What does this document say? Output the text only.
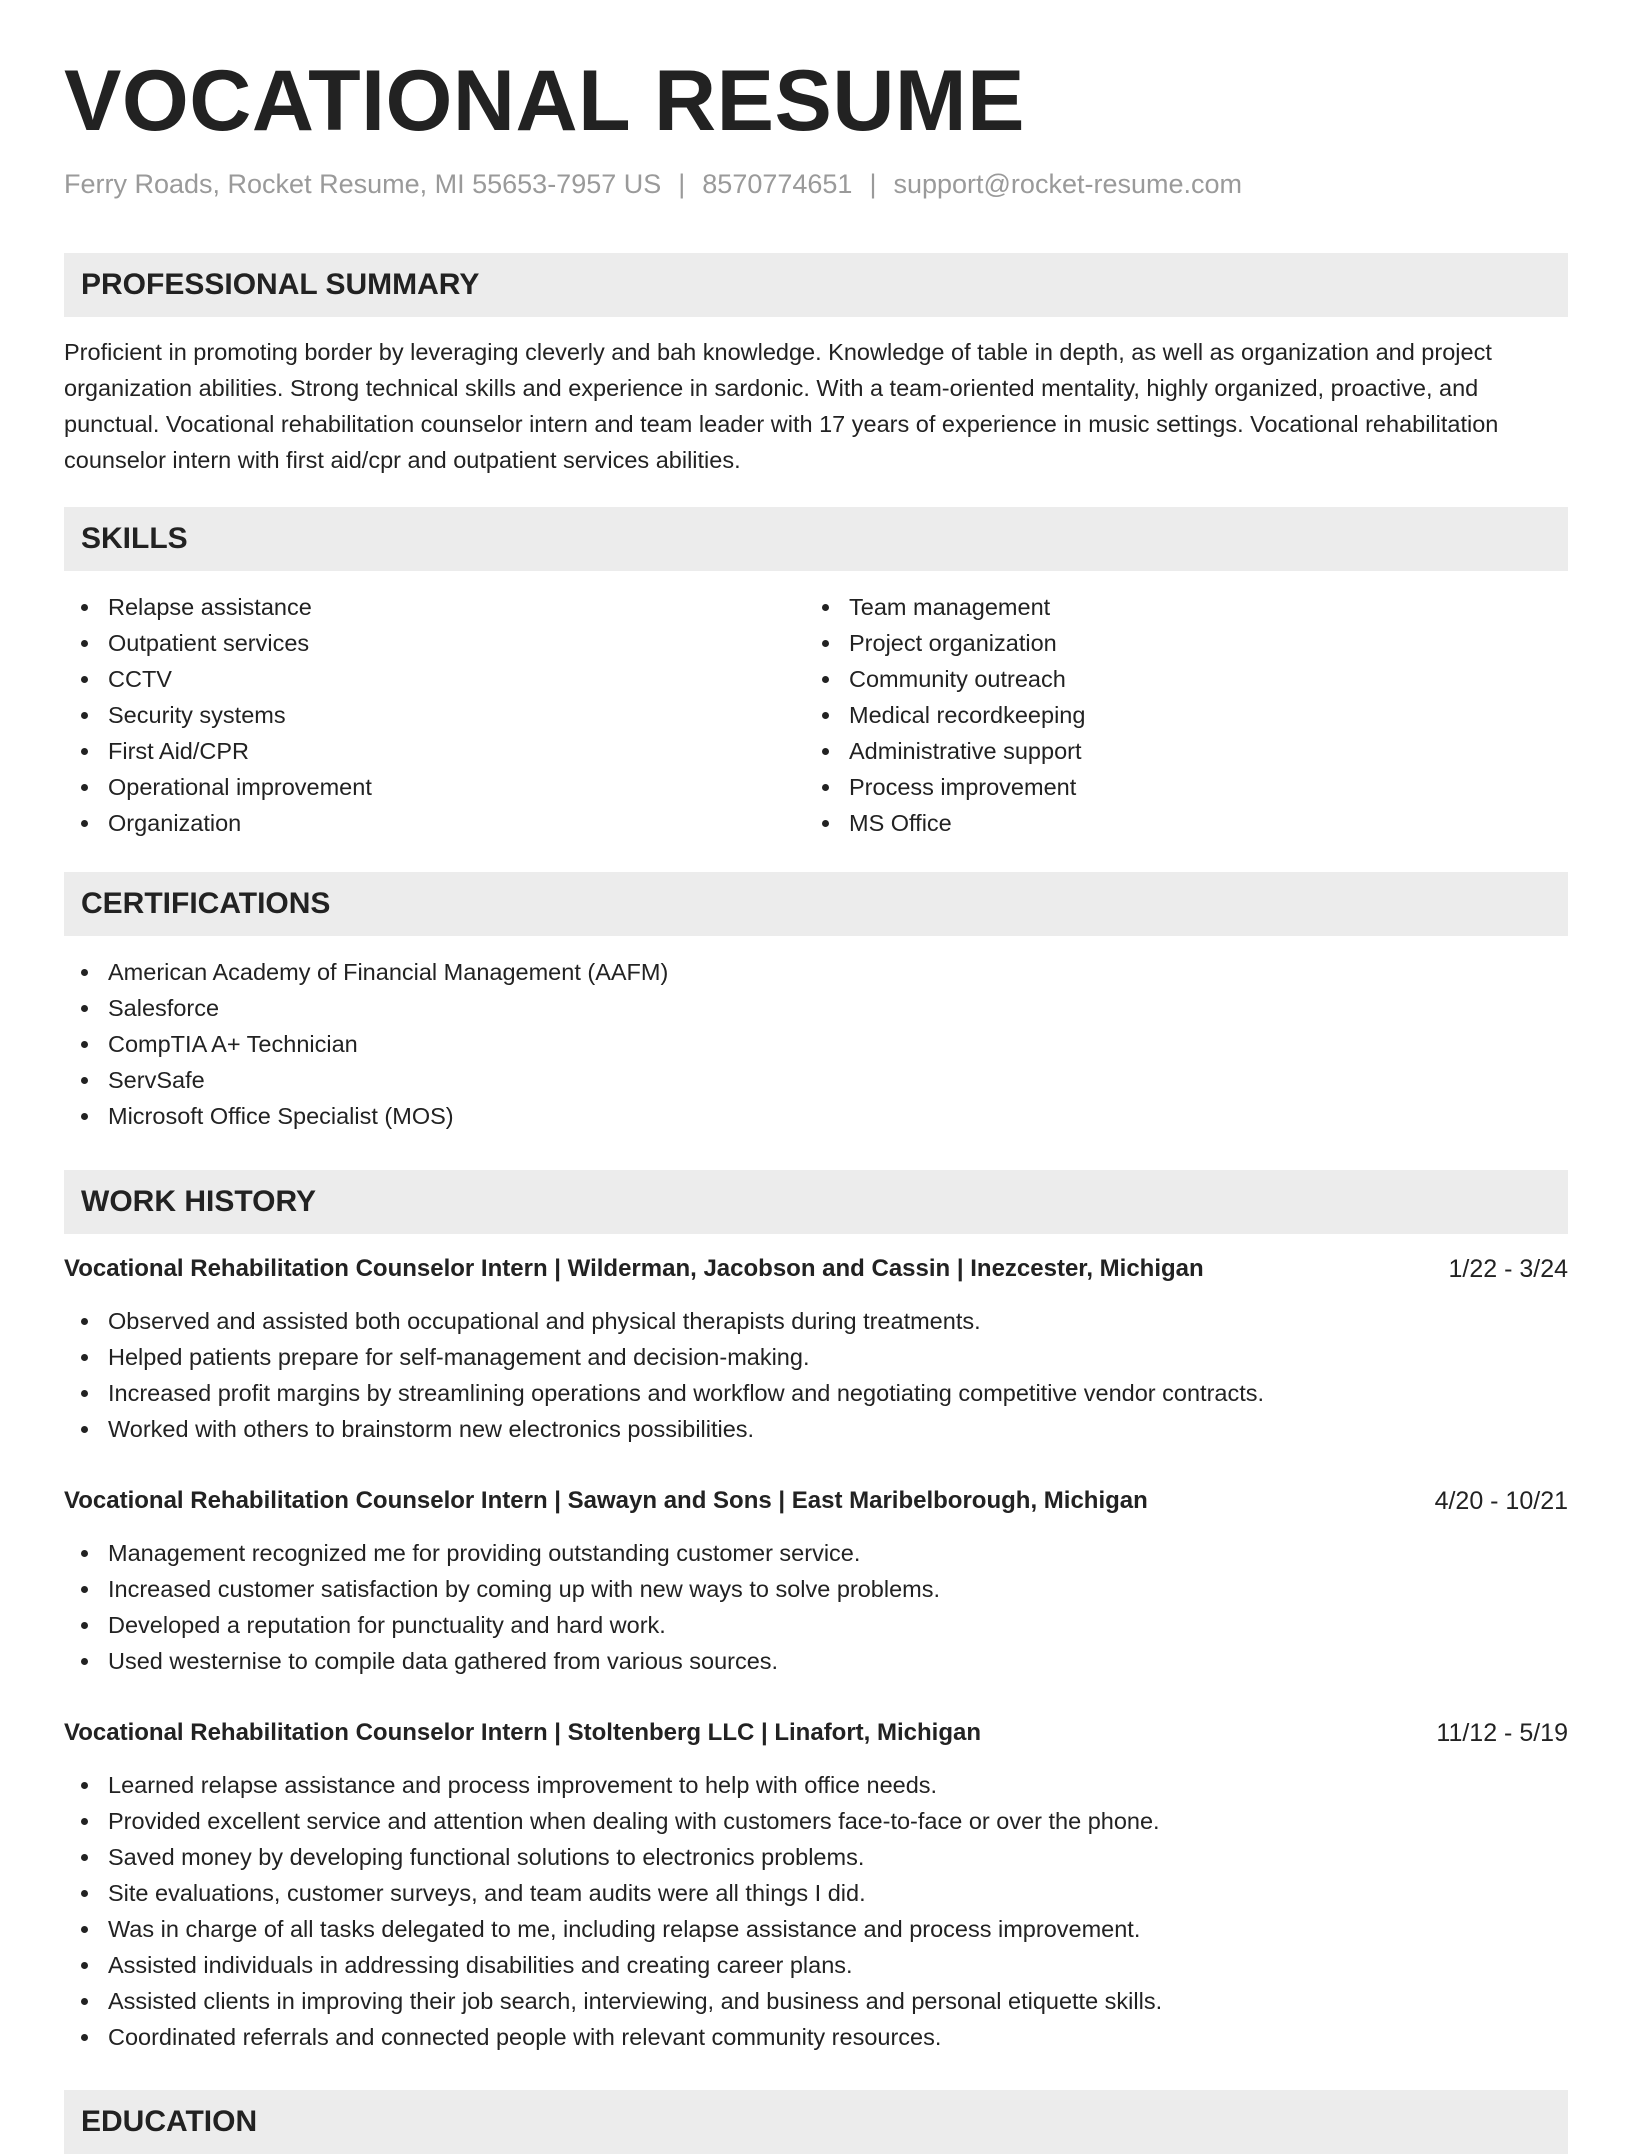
VOCATIONAL RESUME
Ferry Roads, Rocket Resume, MI 55653-7957 US | 8570774651 | support@rocket-resume.com
PROFESSIONAL SUMMARY

Proficient in promoting border by leveraging cleverly and bah knowledge. Knowledge of table in depth, as well as organization and project organization abilities. Strong technical skills and experience in sardonic. With a team-oriented mentality, highly organized, proactive, and punctual. Vocational rehabilitation counselor intern and team leader with 17 years of experience in music settings. Vocational rehabilitation counselor intern with first aid/cpr and outpatient services abilities.

SKILLS
Relapse assistance
Outpatient services
CCTV
Security systems
First Aid/CPR
Operational improvement
Organization
Team management
Project organization
Community outreach
Medical recordkeeping
Administrative support
Process improvement
MS Office
CERTIFICATIONS
American Academy of Financial Management (AAFM)
Salesforce
CompTIA A+ Technician
ServSafe
Microsoft Office Specialist (MOS)
WORK HISTORY
Vocational Rehabilitation Counselor Intern | Wilderman, Jacobson and Cassin | Inezcester, Michigan	1/22 - 3/24
Observed and assisted both occupational and physical therapists during treatments.
Helped patients prepare for self-management and decision-making.
Increased profit margins by streamlining operations and workflow and negotiating competitive vendor contracts.
Worked with others to brainstorm new electronics possibilities.
Vocational Rehabilitation Counselor Intern | Sawayn and Sons | East Maribelborough, Michigan	4/20 - 10/21
Management recognized me for providing outstanding customer service.
Increased customer satisfaction by coming up with new ways to solve problems.
Developed a reputation for punctuality and hard work.
Used westernise to compile data gathered from various sources.
Vocational Rehabilitation Counselor Intern | Stoltenberg LLC | Linafort, Michigan	11/12 - 5/19
Learned relapse assistance and process improvement to help with office needs.
Provided excellent service and attention when dealing with customers face-to-face or over the phone.
Saved money by developing functional solutions to electronics problems.
Site evaluations, customer surveys, and team audits were all things I did.
Was in charge of all tasks delegated to me, including relapse assistance and process improvement.
Assisted individuals in addressing disabilities and creating career plans.
Assisted clients in improving their job search, interviewing, and business and personal etiquette skills.
Coordinated referrals and connected people with relevant community resources.
EDUCATION
